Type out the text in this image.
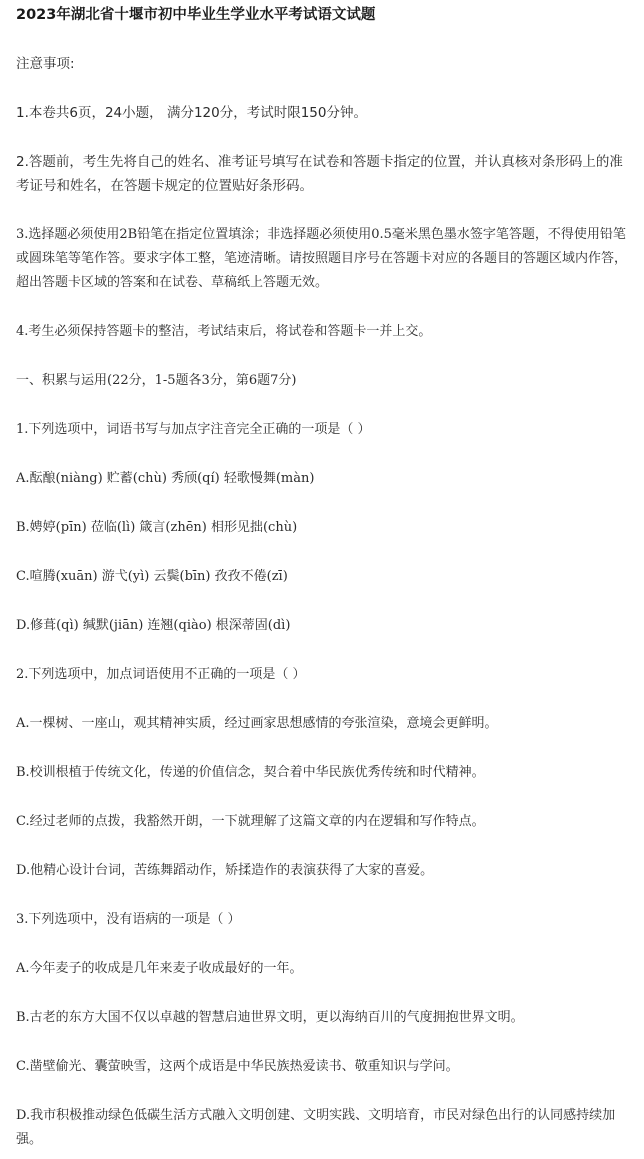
2023年湖北省十堰市初中毕业生学业水平考试语文试题

注意事项:

1.本卷共6页，24小题， 满分120分，考试时限150分钟。

2.答题前，考生先将自己的姓名、准考证号填写在试卷和答题卡指定的位置，并认真核对条形码上的准考证号和姓名，在答题卡规定的位置贴好条形码。

3.选择题必须使用2B铅笔在指定位置填涂；非选择题必须使用0.5毫米黑色墨水签字笔答题，不得使用铅笔或圆珠笔等笔作答。要求字体工整，笔迹清晰。请按照题目序号在答题卡对应的各题目的答题区域内作答，超出答题卡区域的答案和在试卷、草稿纸上答题无效。

4.考生必须保持答题卡的整洁，考试结束后，将试卷和答题卡一并上交。

一、积累与运用(22分，1-5题各3分，第6题7分)

1.下列选项中，词语书写与加点字注音完全正确的一项是（ ）

A.酝酿(niàng) 贮蓄(chù) 秀颀(qí) 轻歌慢舞(màn)

B.娉婷(pīn) 莅临(lì) 箴言(zhēn) 相形见拙(chù)

C.喧腾(xuān) 游弋(yì) 云鬓(bīn) 孜孜不倦(zī)

D.修葺(qì) 缄默(jiān) 连翘(qiào) 根深蒂固(dì)

2.下列选项中，加点词语使用不正确的一项是（ ）

A.一棵树、一座山，观其精神实质，经过画家思想感情的夸张渲染，意境会更鲜明。

B.校训根植于传统文化，传递的价值信念，契合着中华民族优秀传统和时代精神。

C.经过老师的点拨，我豁然开朗，一下就理解了这篇文章的内在逻辑和写作特点。

D.他精心设计台词，苦练舞蹈动作，矫揉造作的表演获得了大家的喜爱。

3.下列选项中，没有语病的一项是（ ）

A.今年麦子的收成是几年来麦子收成最好的一年。

B.古老的东方大国不仅以卓越的智慧启迪世界文明，更以海纳百川的气度拥抱世界文明。

C.凿壁偷光、囊萤映雪，这两个成语是中华民族热爱读书、敬重知识与学问。

D.我市积极推动绿色低碳生活方式融入文明创建、文明实践、文明培育，市民对绿色出行的认同感持续加强。
